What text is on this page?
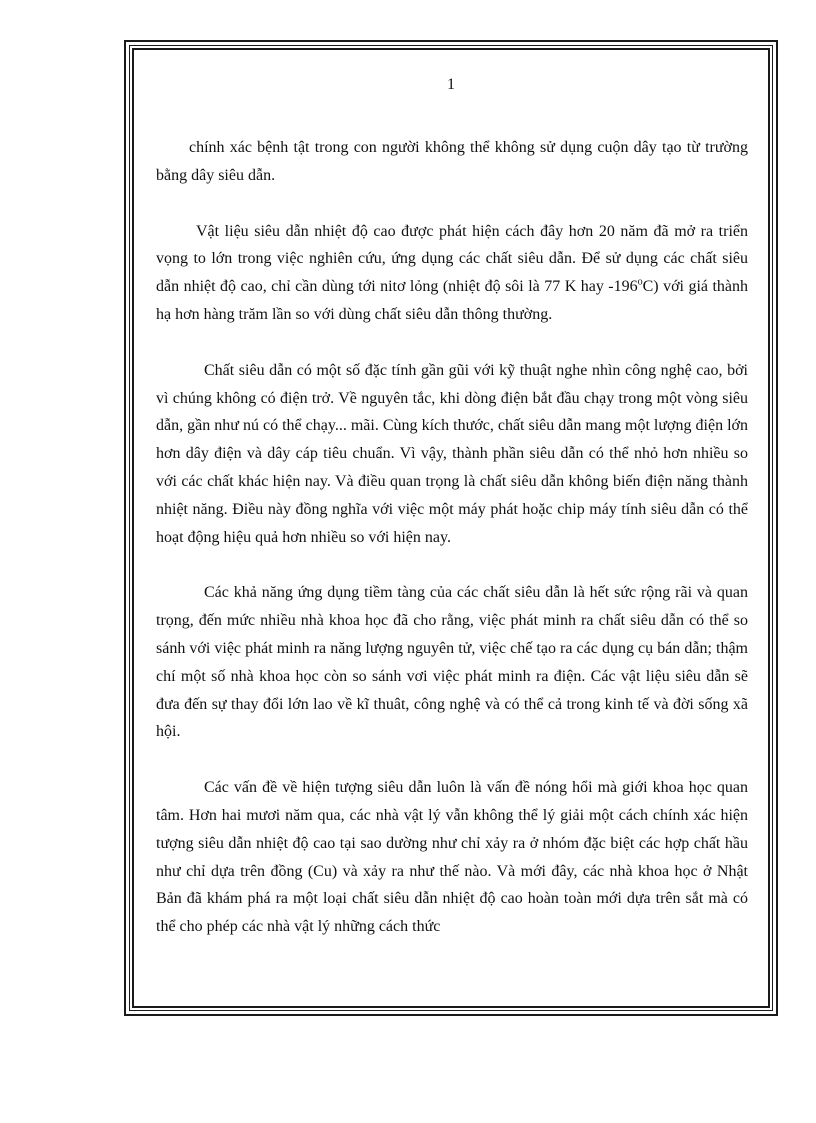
1

chính xác bệnh tật trong con người không thể không sử dụng cuộn dây tạo từ trường bằng dây siêu dẫn.

Vật liệu siêu dẫn nhiệt độ cao được phát hiện cách đây hơn 20 năm đã mở ra triển vọng to lớn trong việc nghiên cứu, ứng dụng các chất siêu dẫn. Để sử dụng các chất siêu dẫn nhiệt độ cao, chỉ cần dùng tới nitơ lỏng (nhiệt độ sôi là 77 K hay -196$^o$C) với giá thành hạ hơn hàng trăm lần so với dùng chất siêu dẫn thông thường.

Chất siêu dẫn có một số đặc tính gần gũi với kỹ thuật nghe nhìn công nghệ cao, bởi vì chúng không có điện trở. Về nguyên tắc, khi dòng điện bắt đầu chạy trong một vòng siêu dẫn, gần như nú có thể chạy... mãi. Cùng kích thước, chất siêu dẫn mang một lượng điện lớn hơn dây điện và dây cáp tiêu chuẩn. Vì vậy, thành phần siêu dẫn có thể nhỏ hơn nhiều so với các chất khác hiện nay. Và điều quan trọng là chất siêu dẫn không biến điện năng thành nhiệt năng. Điều này đồng nghĩa với việc một máy phát hoặc chip máy tính siêu dẫn có thể hoạt động hiệu quả hơn nhiều so với hiện nay.

Các khả năng ứng dụng tiềm tàng của các chất siêu dẫn là hết sức rộng rãi và quan trọng, đến mức nhiều nhà khoa học đã cho rằng, việc phát minh ra chất siêu dẫn có thể so sánh với việc phát minh ra năng lượng nguyên tử, việc chế tạo ra các dụng cụ bán dẫn; thậm chí một số nhà khoa học còn so sánh vơi việc phát minh ra điện. Các vật liệu siêu dẫn sẽ đưa đến sự thay đổi lớn lao về kĩ thuât, công nghệ và có thể cả trong kinh tế và đời sống xã hội.

Các vấn đề về hiện tượng siêu dẫn luôn là vấn đề nóng hổi mà giới khoa học quan tâm. Hơn hai mươi năm qua, các nhà vật lý vẫn không thể lý giải một cách chính xác hiện tượng siêu dẫn nhiệt độ cao tại sao dường như chỉ xảy ra ở nhóm đặc biệt các hợp chất hầu như chỉ dựa trên đồng (Cu) và xảy ra như thế nào. Và mới đây, các nhà khoa học ở Nhật Bản đã khám phá ra một loại chất siêu dẫn nhiệt độ cao hoàn toàn mới dựa trên sắt mà có thể cho phép các nhà vật lý những cách thức
